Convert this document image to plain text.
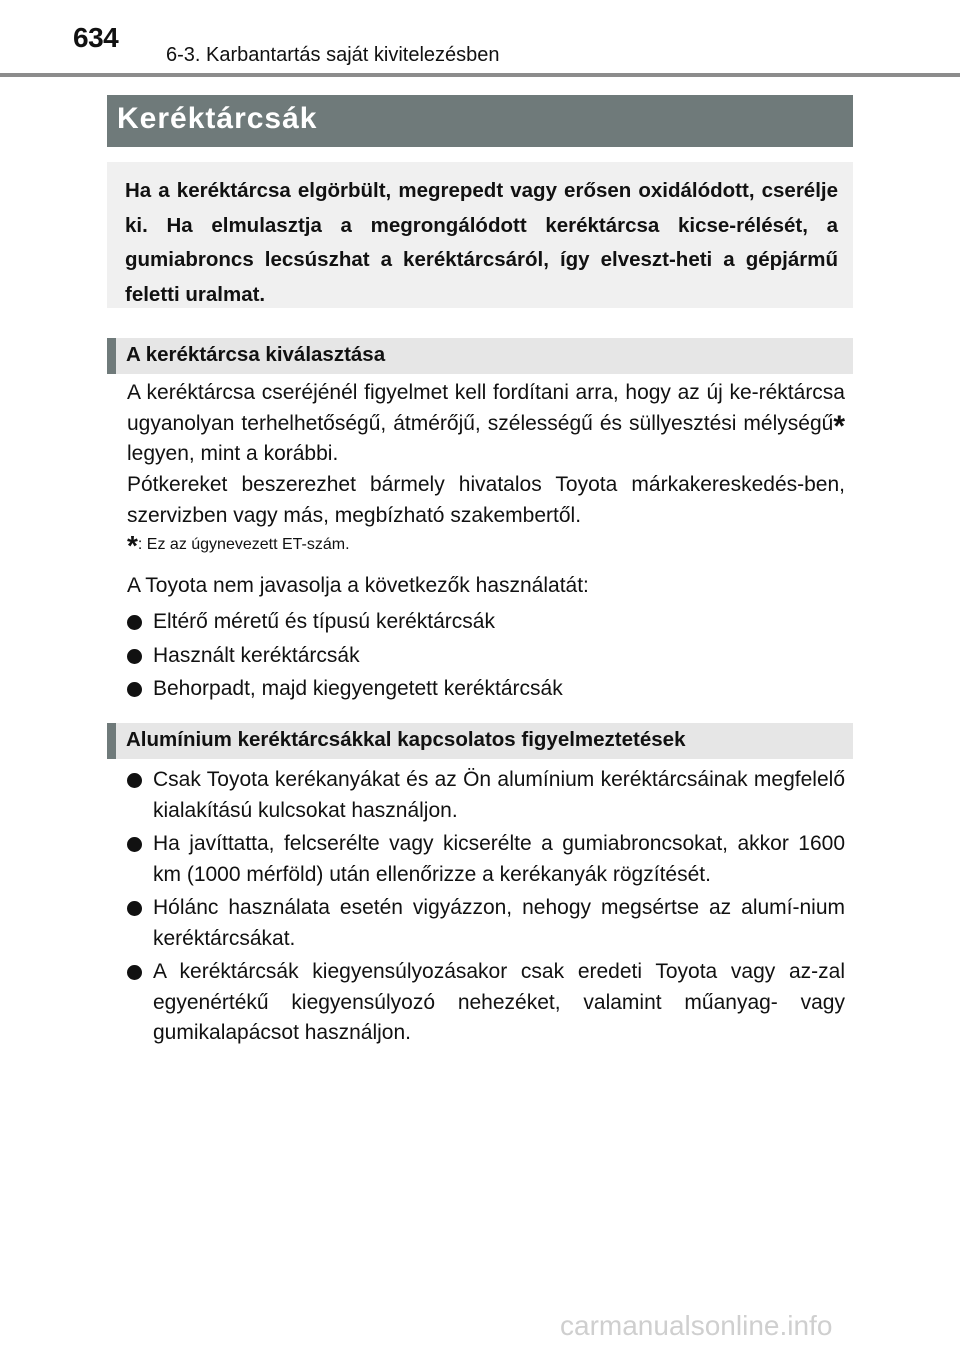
634
6-3. Karbantartás saját kivitelezésben
Keréktárcsák

Ha a keréktárcsa elgörbült, megrepedt vagy erősen oxidálódott, cserélje ki. Ha elmulasztja a megrongálódott keréktárcsa kicse-rélését, a gumiabroncs lecsúszhat a keréktárcsáról, így elveszt-heti a gépjármű feletti uralmat.

A keréktárcsa kiválasztása

A keréktárcsa cseréjénél figyelmet kell fordítani arra, hogy az új ke-réktárcsa ugyanolyan terhelhetőségű, átmérőjű, szélességű és süllyesztési mélységű* legyen, mint a korábbi.

Pótkereket beszerezhet bármely hivatalos Toyota márkakereskedés-ben, szervizben vagy más, megbízható szakembertől.

*: Ez az úgynevezett ET-szám.

A Toyota nem javasolja a következők használatát:

Eltérő méretű és típusú keréktárcsák
Használt keréktárcsák
Behorpadt, majd kiegyengetett keréktárcsák
Alumínium keréktárcsákkal kapcsolatos figyelmeztetések
Csak Toyota kerékanyákat és az Ön alumínium keréktárcsáinak megfelelő kialakítású kulcsokat használjon.
Ha javíttatta, felcserélte vagy kicserélte a gumiabroncsokat, akkor 1600 km (1000 mérföld) után ellenőrizze a kerékanyák rögzítését.
Hólánc használata esetén vigyázzon, nehogy megsértse az alumí-nium keréktárcsákat.
A keréktárcsák kiegyensúlyozásakor csak eredeti Toyota vagy az-zal egyenértékű kiegyensúlyozó nehezéket, valamint műanyag- vagy gumikalapácsot használjon.
carmanualsonline.info
